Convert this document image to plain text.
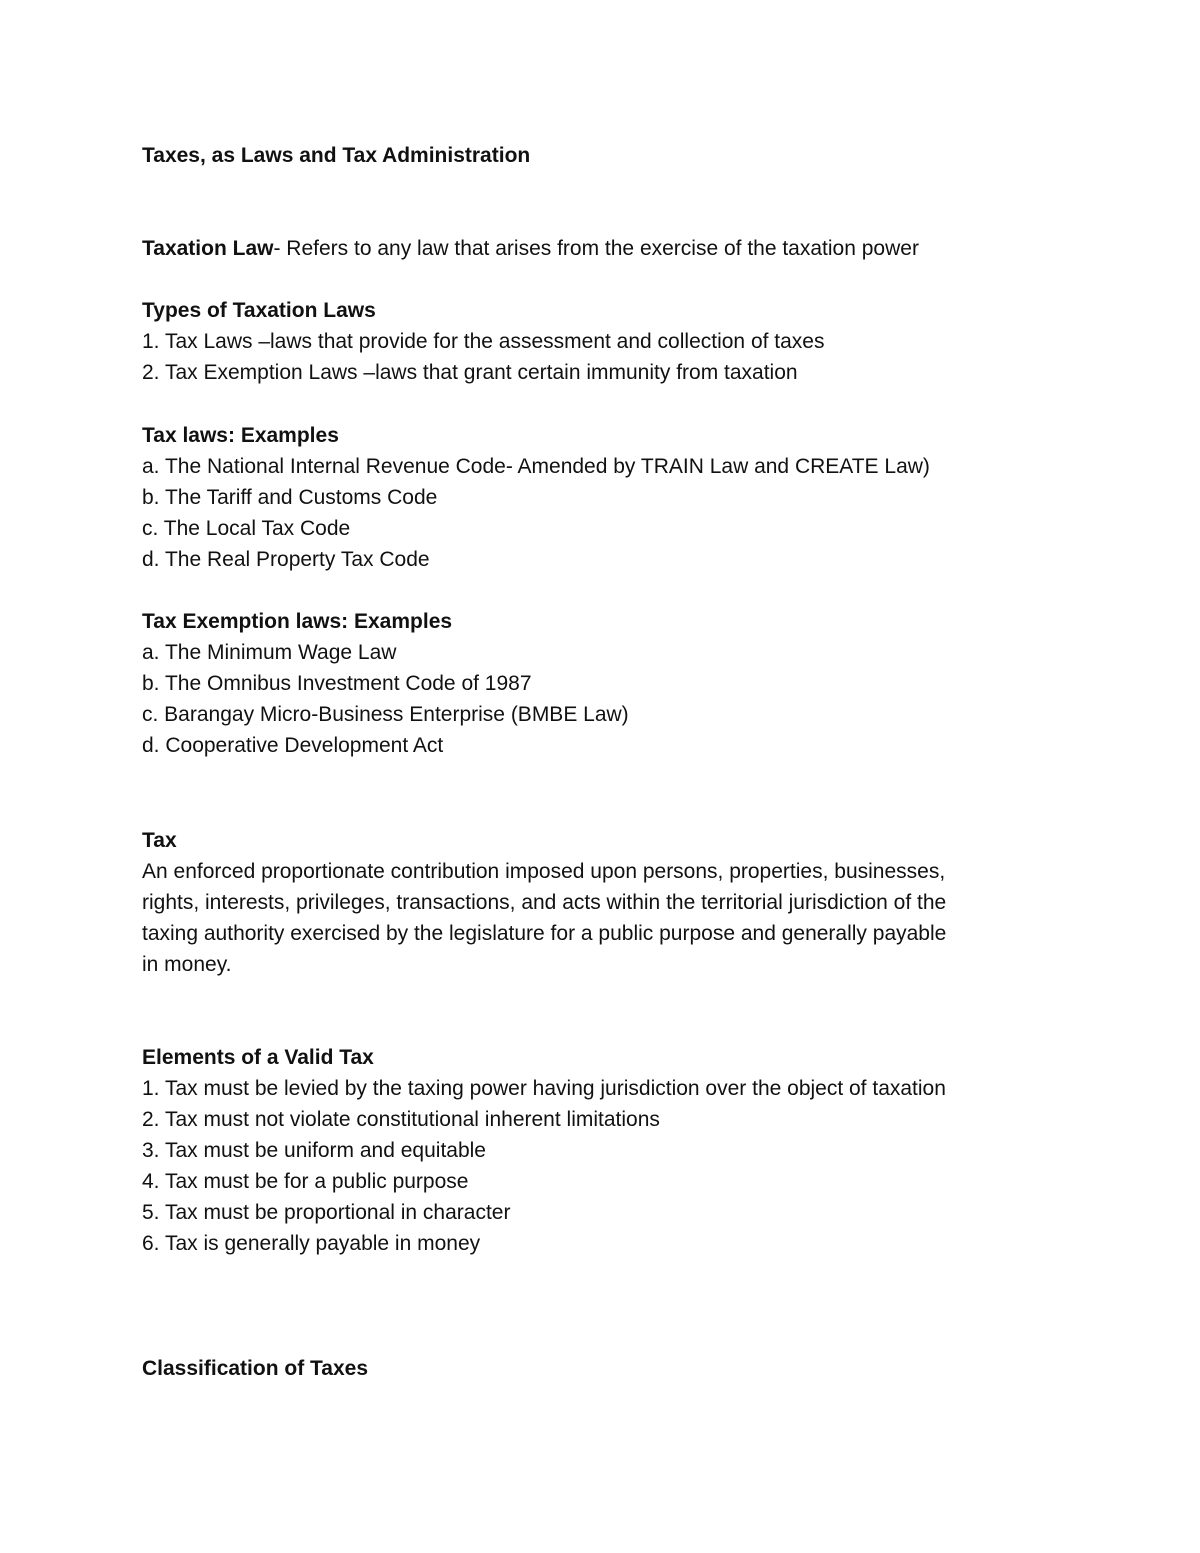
Taxes, as Laws and Tax Administration
Taxation Law- Refers to any law that arises from the exercise of the taxation power
Types of Taxation Laws
1. Tax Laws –laws that provide for the assessment and collection of taxes
2. Tax Exemption Laws –laws that grant certain immunity from taxation
Tax laws: Examples
a. The National Internal Revenue Code- Amended by TRAIN Law and CREATE Law)
b. The Tariff and Customs Code
c. The Local Tax Code
d. The Real Property Tax Code
Tax Exemption laws: Examples
a. The Minimum Wage Law
b. The Omnibus Investment Code of 1987
c. Barangay Micro-Business Enterprise (BMBE Law)
d. Cooperative Development Act
Tax
An enforced proportionate contribution imposed upon persons, properties, businesses,
rights, interests, privileges, transactions, and acts within the territorial jurisdiction of the
taxing authority exercised by the legislature for a public purpose and generally payable
in money.
Elements of a Valid Tax
1. Tax must be levied by the taxing power having jurisdiction over the object of taxation
2. Tax must not violate constitutional inherent limitations
3. Tax must be uniform and equitable
4. Tax must be for a public purpose
5. Tax must be proportional in character
6. Tax is generally payable in money
Classification of Taxes
